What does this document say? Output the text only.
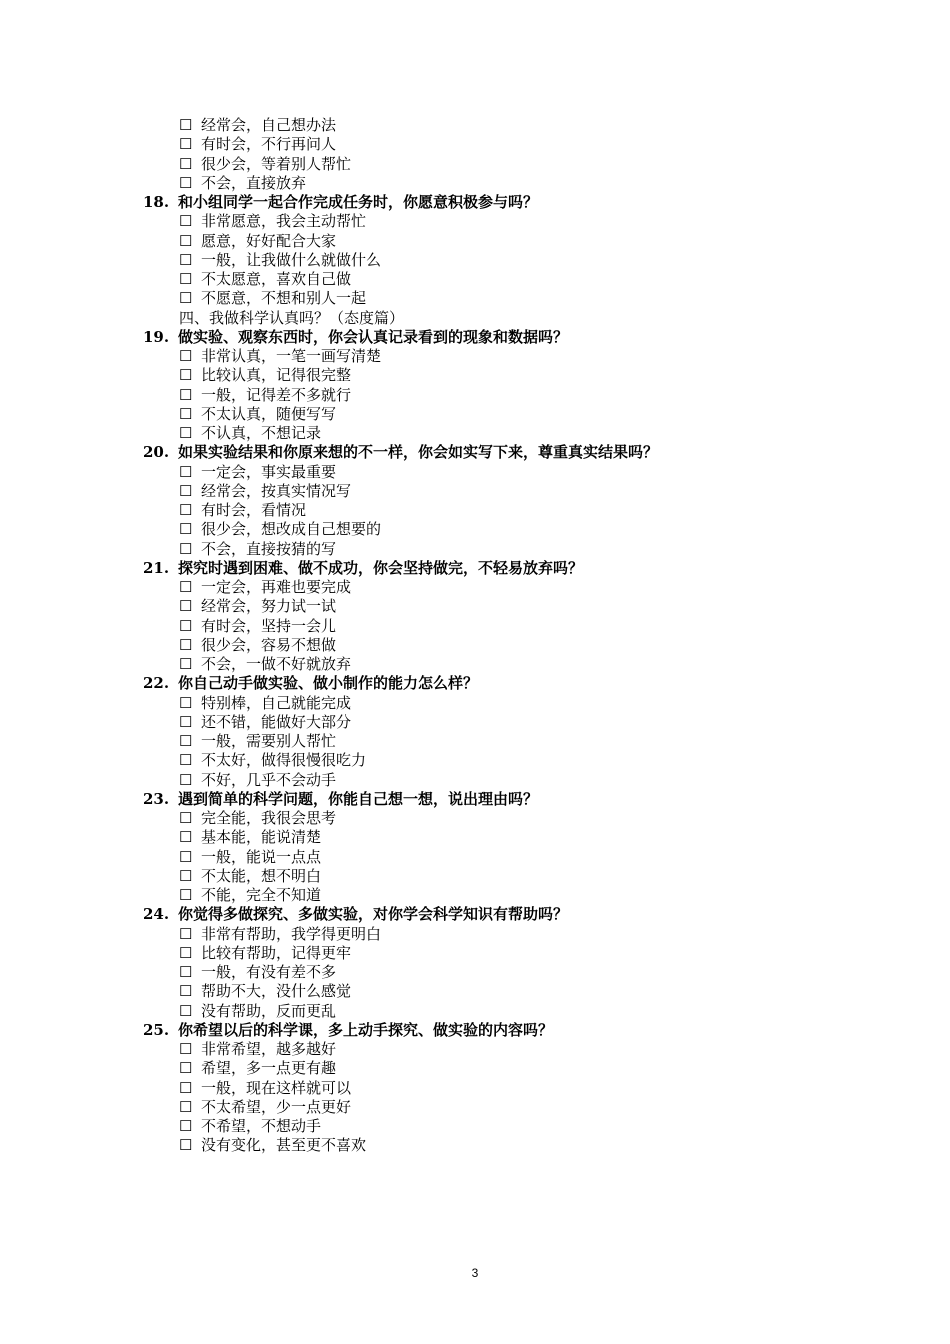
☐ 经常会，自己想办法
☐ 有时会，不行再问人
☐ 很少会，等着别人帮忙
☐ 不会，直接放弃
18. 和小组同学一起合作完成任务时，你愿意积极参与吗？
☐ 非常愿意，我会主动帮忙
☐ 愿意，好好配合大家
☐ 一般，让我做什么就做什么
☐ 不太愿意，喜欢自己做
☐ 不愿意，不想和别人一起
四、我做科学认真吗？（态度篇）
19. 做实验、观察东西时，你会认真记录看到的现象和数据吗？
☐ 非常认真，一笔一画写清楚
☐ 比较认真，记得很完整
☐ 一般，记得差不多就行
☐ 不太认真，随便写写
☐ 不认真，不想记录
20. 如果实验结果和你原来想的不一样，你会如实写下来，尊重真实结果吗？
☐ 一定会，事实最重要
☐ 经常会，按真实情况写
☐ 有时会，看情况
☐ 很少会，想改成自己想要的
☐ 不会，直接按猜的写
21. 探究时遇到困难、做不成功，你会坚持做完，不轻易放弃吗？
☐ 一定会，再难也要完成
☐ 经常会，努力试一试
☐ 有时会，坚持一会儿
☐ 很少会，容易不想做
☐ 不会，一做不好就放弃
22. 你自己动手做实验、做小制作的能力怎么样？
☐ 特别棒，自己就能完成
☐ 还不错，能做好大部分
☐ 一般，需要别人帮忙
☐ 不太好，做得很慢很吃力
☐ 不好，几乎不会动手
23. 遇到简单的科学问题，你能自己想一想，说出理由吗？
☐ 完全能，我很会思考
☐ 基本能，能说清楚
☐ 一般，能说一点点
☐ 不太能，想不明白
☐ 不能，完全不知道
24. 你觉得多做探究、多做实验，对你学会科学知识有帮助吗？
☐ 非常有帮助，我学得更明白
☐ 比较有帮助，记得更牢
☐ 一般，有没有差不多
☐ 帮助不大，没什么感觉
☐ 没有帮助，反而更乱
25. 你希望以后的科学课，多上动手探究、做实验的内容吗？
☐ 非常希望，越多越好
☐ 希望，多一点更有趣
☐ 一般，现在这样就可以
☐ 不太希望，少一点更好
☐ 不希望，不想动手
☐ 没有变化，甚至更不喜欢
3
